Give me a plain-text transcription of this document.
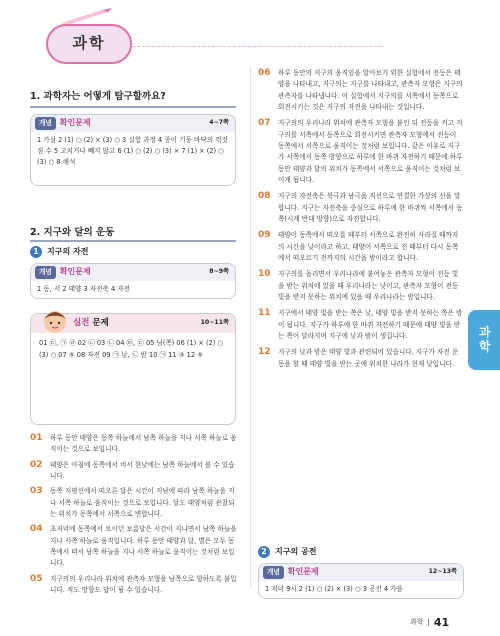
과학
과학
1. 과학자는 어떻게 탐구할까요?
개념	확인문제	4~7쪽
1 가설 2 (1) ○ (2) × (3) ○ 3 실험 과정 4 종이 기둥 바닥의 꺾짓점 수 5 고치거나 빼지 않고 6 (1) ○ (2) ○ (3) × 7 (1) × (2) ○ (3) ○ 8 해석
2. 지구와 달의 운동
1	지구의 자전
개념	확인문제	8~9쪽
1 동, 서 2 태양 3 자전축 4 자전
실전 문제	10~11쪽
01 ㉢, ㉠ ㉣ 02 ㉡ 03 ㉡ 04 ㉤, ㉢ 05 남(쪽) 06 (1) × (2) ○ (3) ○ 07 ⑤ 08 자전 09 ㉠ 낮, ㉡ 밤 10 ㉠ 11 ③ 12 ⑤
01 하루 동안 태양은 동쪽 하늘에서 남쪽 하늘을 지나 서쪽 하늘로 움직이는 것으로 보입니다.
02 태양은 아침에 동쪽에서 비서 한낮에는 남쪽 하늘에서 볼 수 있습니다.
03 동쪽 지평선에서 떠오른 달은 시간이 지남에 따라 남쪽 하늘을 지나 서쪽 하늘로 움직이는 것으로 보입니다. 달도 태양처럼 관찰되는 위치가 동쪽에서 서쪽으로 변합니다.
04 초저녁에 동쪽에서 보이던 보름달은 시간이 지나면서 남쪽 하늘을 지나 서쪽 하늘로 움직입니다. 하루 동안 태양과 달, 별은 모두 동쪽에서 떠서 남쪽 하늘을 지나 서쪽 하늘로 움직이는 것처럼 보입니다.
05 지구의의 우리나라 위치에 관측자 모형을 남쪽으로 향하도록 붙입니다. 적도 방향도 답이 될 수 있습니다.
06 하루 동안의 지구의 움직임을 알아보기 위한 실험에서 전등은 태양을 나타내고, 지구의는 지구를 나타내고, 관측자 모형은 지구의 관측자를 나타냅니다. 이 실험에서 지구의를 서쪽에서 동쪽으로 회전시키는 것은 지구의 자전을 나타내는 것입니다.
07 지구의의 우리나라 위치에 관측자 모형을 붙인 뒤 전등을 켜고 지구의를 서쪽에서 동쪽으로 회전시키면 관측자 모형에서 전등이 동쪽에서 서쪽으로 움직이는 것처럼 보입니다. 같은 이유로 지구가 서쪽에서 동쪽 방향으로 하루에 한 바퀴 자전하기 때문에 하루 동안 태양과 달의 위치가 동쪽에서 서쪽으로 움직이는 것처럼 보이게 됩니다.
08 지구의 자전축은 북극과 남극을 직선으로 연결한 가상의 선을 말합니다. 지구는 자전축을 중심으로 하루에 한 바퀴씩 서쪽에서 동쪽(시계 반대 방향)으로 자전합니다.
09 태양이 동쪽에서 떠오를 때부터 서쪽으로 완전히 사라질 때까지의 시간을 낮이라고 하고, 태양이 서쪽으로 진 때부터 다시 동쪽에서 떠오르기 전까지의 시간을 밤이라고 합니다.
10 지구의를 돌리면서 우리나라에 붙여놓은 관측자 모형이 전등 빛을 받는 위치에 있을 때 우리나라는 낮이고, 관측자 모형이 전등 빛을 받지 못하는 위치에 있을 때 우리나라는 밤입니다.
11 지구에서 태양 빛을 받는 쪽은 낮, 태양 빛을 받지 못하는 쪽은 밤이 됩니다. 지구가 하루에 한 바퀴 자전하기 때문에 태양 빛을 받는 쪽이 달라지며 지구에 낮과 밤이 생깁니다.
12 지구의 낮과 밤은 태양 빛과 관련되어 있습니다. 지구가 자전 운동을 할 때 태양 빛을 받는 곳에 위치한 나라가 현재 낮입니다.
2	지구의 공전
개념	확인문제	12~13쪽
1 저녁 9시 2 (1) ○ (2) × (3) ○ 3 공전 4 가을
과학 | 41
